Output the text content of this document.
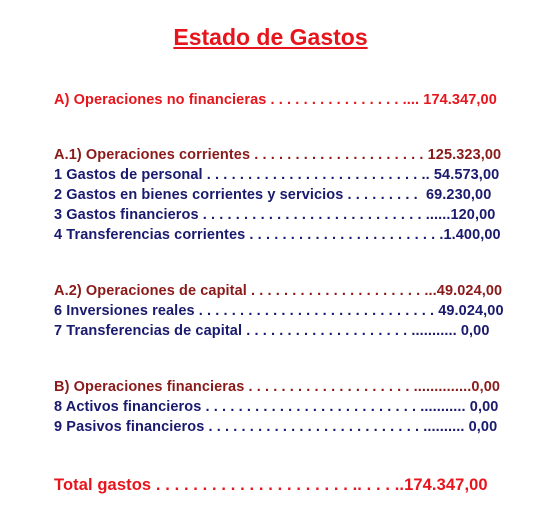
Estado de Gastos
A) Operaciones no financieras . . . . . . . . . . . . . . . . .... 174.347,00
A.1) Operaciones corrientes . . . . . . . . . . . . . . . . . . . . . 125.323,00
1 Gastos de personal . . . . . . . . . . . . . . . . . . . . . . . . . . .. 54.573,00
2 Gastos en bienes corrientes y servicios . . . . . . . . .  69.230,00
3 Gastos financieros . . . . . . . . . . . . . . . . . . . . . . . . . . . ......120,00
4 Transferencias corrientes . . . . . . . . . . . . . . . . . . . . . . . .1.400,00
A.2) Operaciones de capital . . . . . . . . . . . . . . . . . . . . . ...49.024,00
6 Inversiones reales . . . . . . . . . . . . . . . . . . . . . . . . . . . . . 49.024,00
7 Transferencias de capital . . . . . . . . . . . . . . . . . . . . ........... 0,00
B) Operaciones financieras . . . . . . . . . . . . . . . . . . . . ..............0,00
8 Activos financieros . . . . . . . . . . . . . . . . . . . . . . . . . . ........... 0,00
9 Pasivos financieros . . . . . . . . . . . . . . . . . . . . . . . . . . .......... 0,00
Total gastos . . . . . . . . . . . . . . . . . . . . . .. . . . ..174.347,00
